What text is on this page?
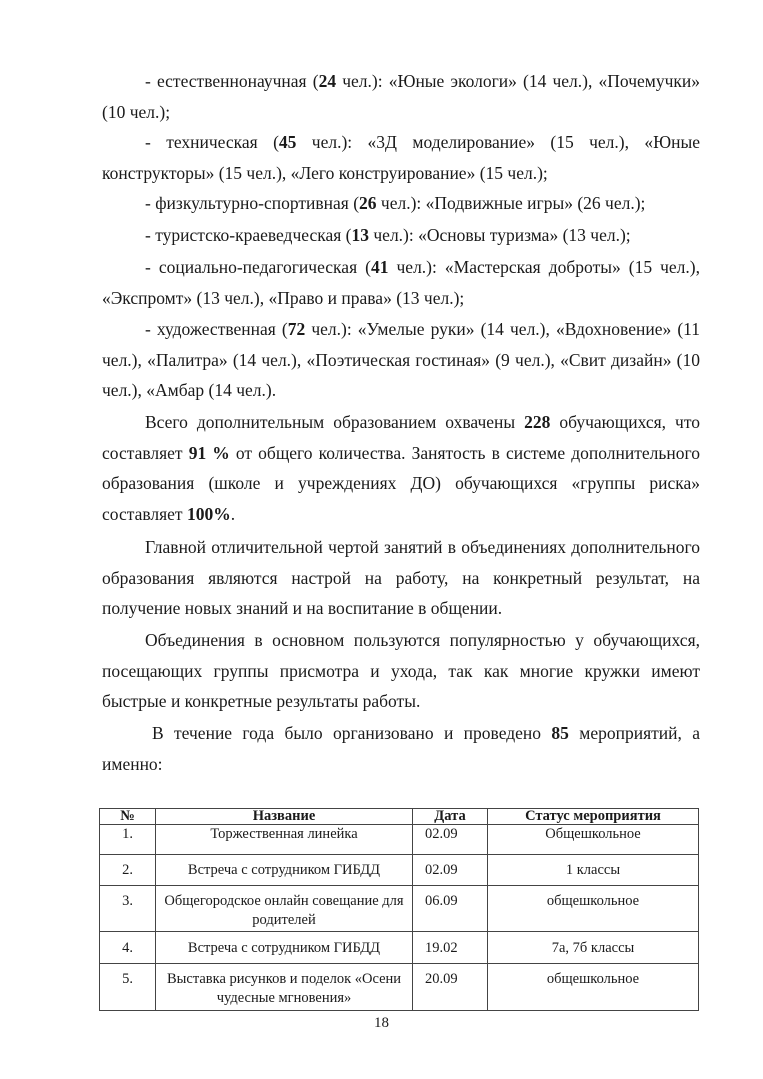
- естественнонаучная (24 чел.): «Юные экологи» (14 чел.), «Почемучки» (10 чел.);

- техническая (45 чел.): «3Д моделирование» (15 чел.), «Юные конструкторы» (15 чел.), «Лего конструирование» (15 чел.);

- физкультурно-спортивная (26 чел.): «Подвижные игры» (26 чел.);

- туристско-краеведческая (13 чел.): «Основы туризма» (13 чел.);

- социально-педагогическая (41 чел.): «Мастерская доброты» (15 чел.), «Экспромт» (13 чел.), «Право и права» (13 чел.);

- художественная (72 чел.): «Умелые руки» (14 чел.), «Вдохновение» (11 чел.), «Палитра» (14 чел.), «Поэтическая гостиная» (9 чел.), «Свит дизайн» (10 чел.), «Амбар (14 чел.).

Всего дополнительным образованием охвачены 228 обучающихся, что составляет 91 % от общего количества. Занятость в системе дополнительного образования (школе и учреждениях ДО) обучающихся «группы риска» составляет 100%.

Главной отличительной чертой занятий в объединениях дополнительного образования являются настрой на работу, на конкретный результат, на получение новых знаний и на воспитание в общении.

Объединения в основном пользуются популярностью у обучающихся, посещающих группы присмотра и ухода, так как многие кружки имеют быстрые и конкретные результаты работы.

В течение года было организовано и проведено 85 мероприятий, а именно:

№	Название	Дата	Статус мероприятия
1.	Торжественная линейка	02.09	Общешкольное
2.	Встреча с сотрудником ГИБДД	02.09	1 классы
3.	Общегородское онлайн совещание для родителей	06.09	общешкольное
4.	Встреча с сотрудником ГИБДД	19.02	7а, 7б классы
5.	Выставка рисунков и поделок «Осени чудесные мгновения»	20.09	общешкольное
18
